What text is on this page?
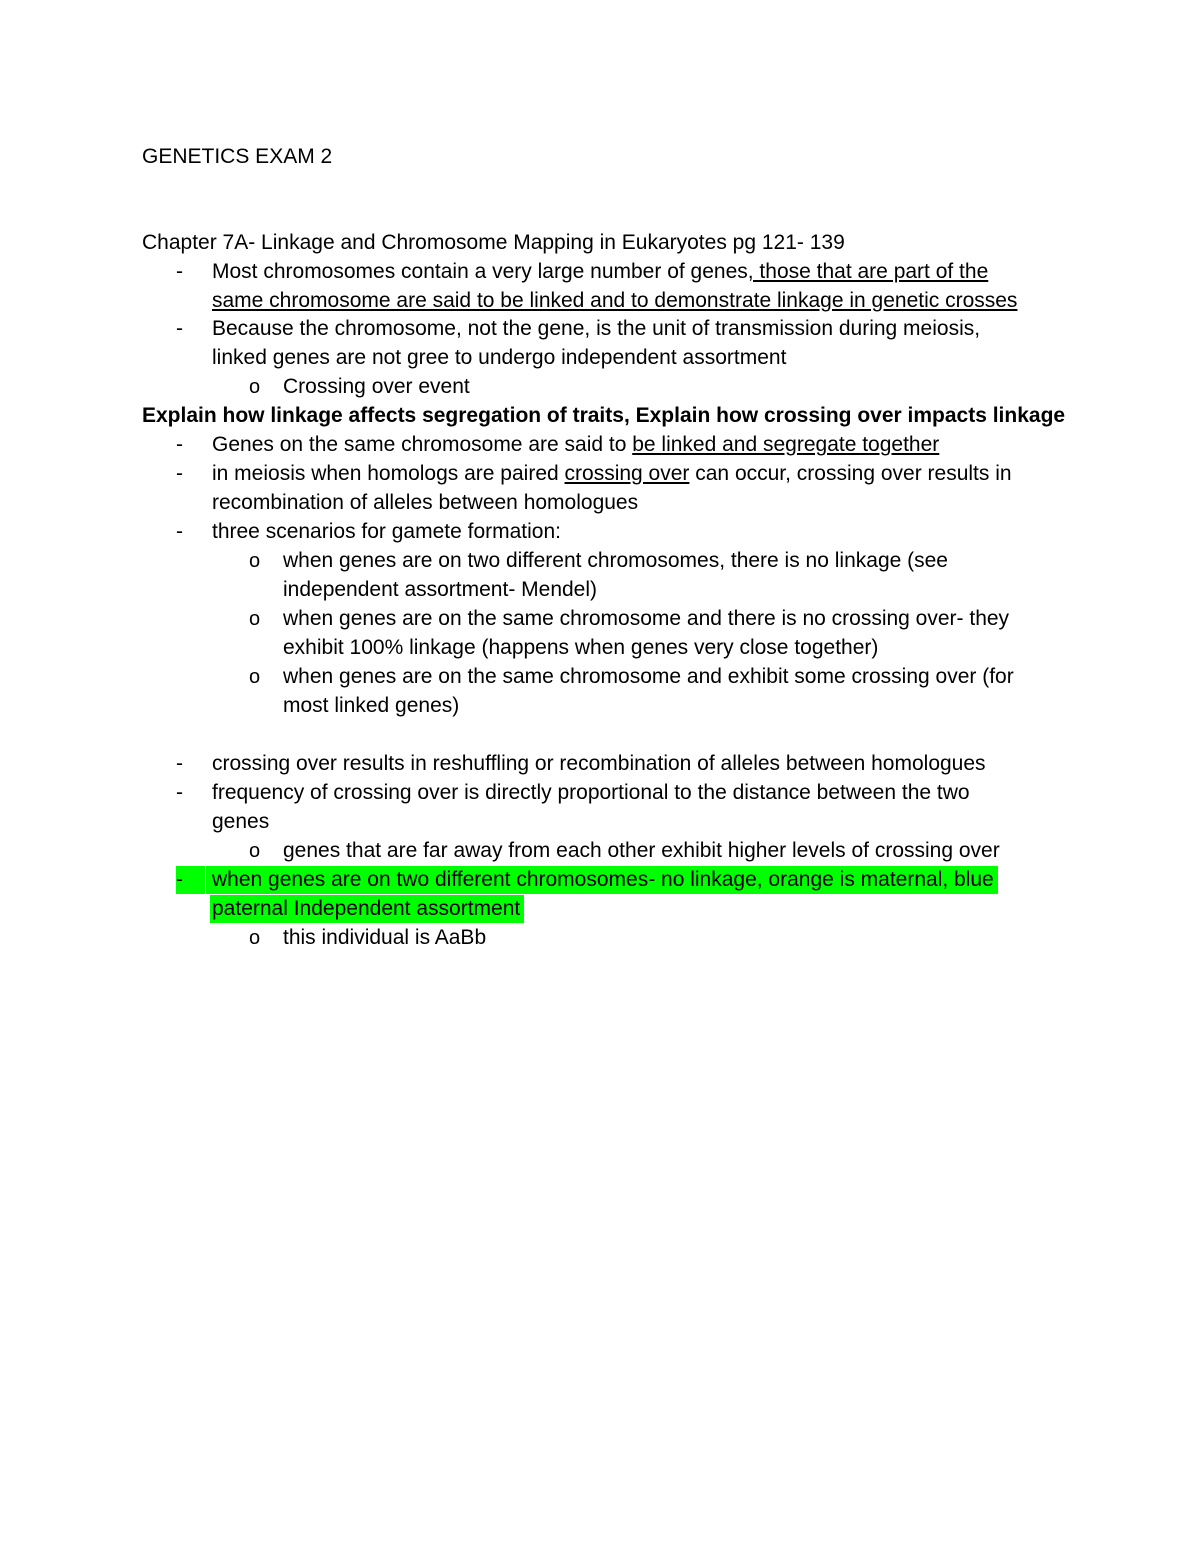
GENETICS EXAM 2
Chapter 7A- Linkage and Chromosome Mapping in Eukaryotes pg 121- 139
- Most chromosomes contain a very large number of genes, those that are part of the
same chromosome are said to be linked and to demonstrate linkage in genetic crosses
- Because the chromosome, not the gene, is the unit of transmission during meiosis,
linked genes are not gree to undergo independent assortment
o Crossing over event
Explain how linkage affects segregation of traits, Explain how crossing over impacts linkage
- Genes on the same chromosome are said to be linked and segregate together
- in meiosis when homologs are paired crossing over can occur, crossing over results in
recombination of alleles between homologues
- three scenarios for gamete formation:
o when genes are on two different chromosomes, there is no linkage (see
independent assortment- Mendel)
o when genes are on the same chromosome and there is no crossing over- they
exhibit 100% linkage (happens when genes very close together)
o when genes are on the same chromosome and exhibit some crossing over (for
most linked genes)
- crossing over results in reshuffling or recombination of alleles between homologues
- frequency of crossing over is directly proportional to the distance between the two
genes
o genes that are far away from each other exhibit higher levels of crossing over
-	when genes are on two different chromosomes- no linkage, orange is maternal, blue
paternal Independent assortment
o this individual is AaBb
